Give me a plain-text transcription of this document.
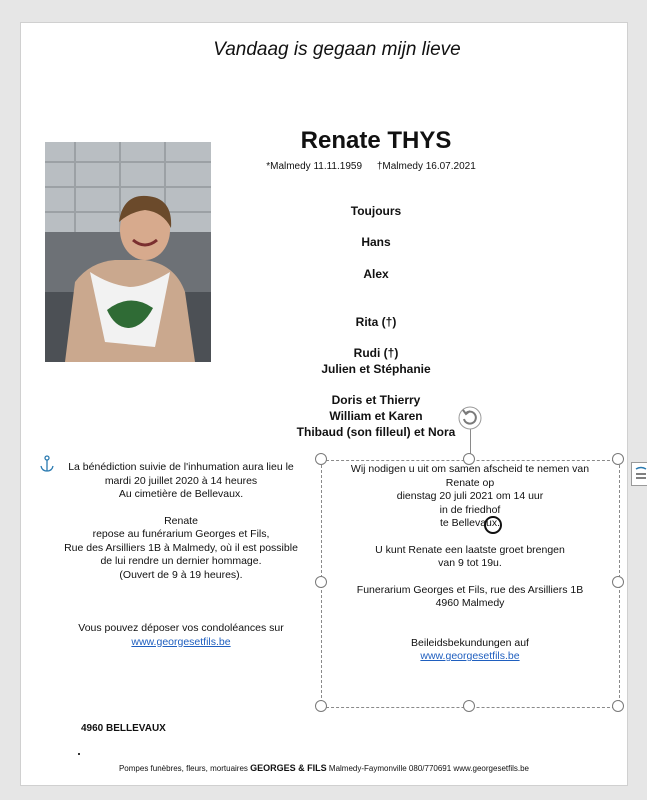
Vandaag is gegaan mijn lieve
Renate THYS
*Malmedy 11.11.1959 †Malmedy 16.07.2021
Toujours
Hans
Alex
Rita (†)
Rudi (†)
Julien et Stéphanie
Doris et Thierry
William et Karen
Thibaud (son filleul) et Nora
La bénédiction suivie de l'inhumation aura lieu le
mardi 20 juillet 2020 à 14 heures
Au cimetière de Bellevaux.
Renate
repose au funérarium Georges et Fils,
Rue des Arsilliers 1B à Malmedy, où il est possible
de lui rendre un dernier hommage.
(Ouvert de 9 à 19 heures).
Vous pouvez déposer vos condoléances sur
www.georgesetfils.be
Wij nodigen u uit om samen afscheid te nemen van
Renate op
dienstag 20 juli 2021 om 14 uur
in de friedhof
te Bellevaux.
U kunt Renate een laatste groet brengen
van 9 tot 19u.
Funerarium Georges et Fils, rue des Arsilliers 1B
4960 Malmedy
Beileidsbekundungen auf
www.georgesetfils.be
4960 BELLEVAUX
Pompes funèbres, fleurs, mortuaires GEORGES & FILS Malmedy-Faymonville 080/770691 www.georgesetfils.be
